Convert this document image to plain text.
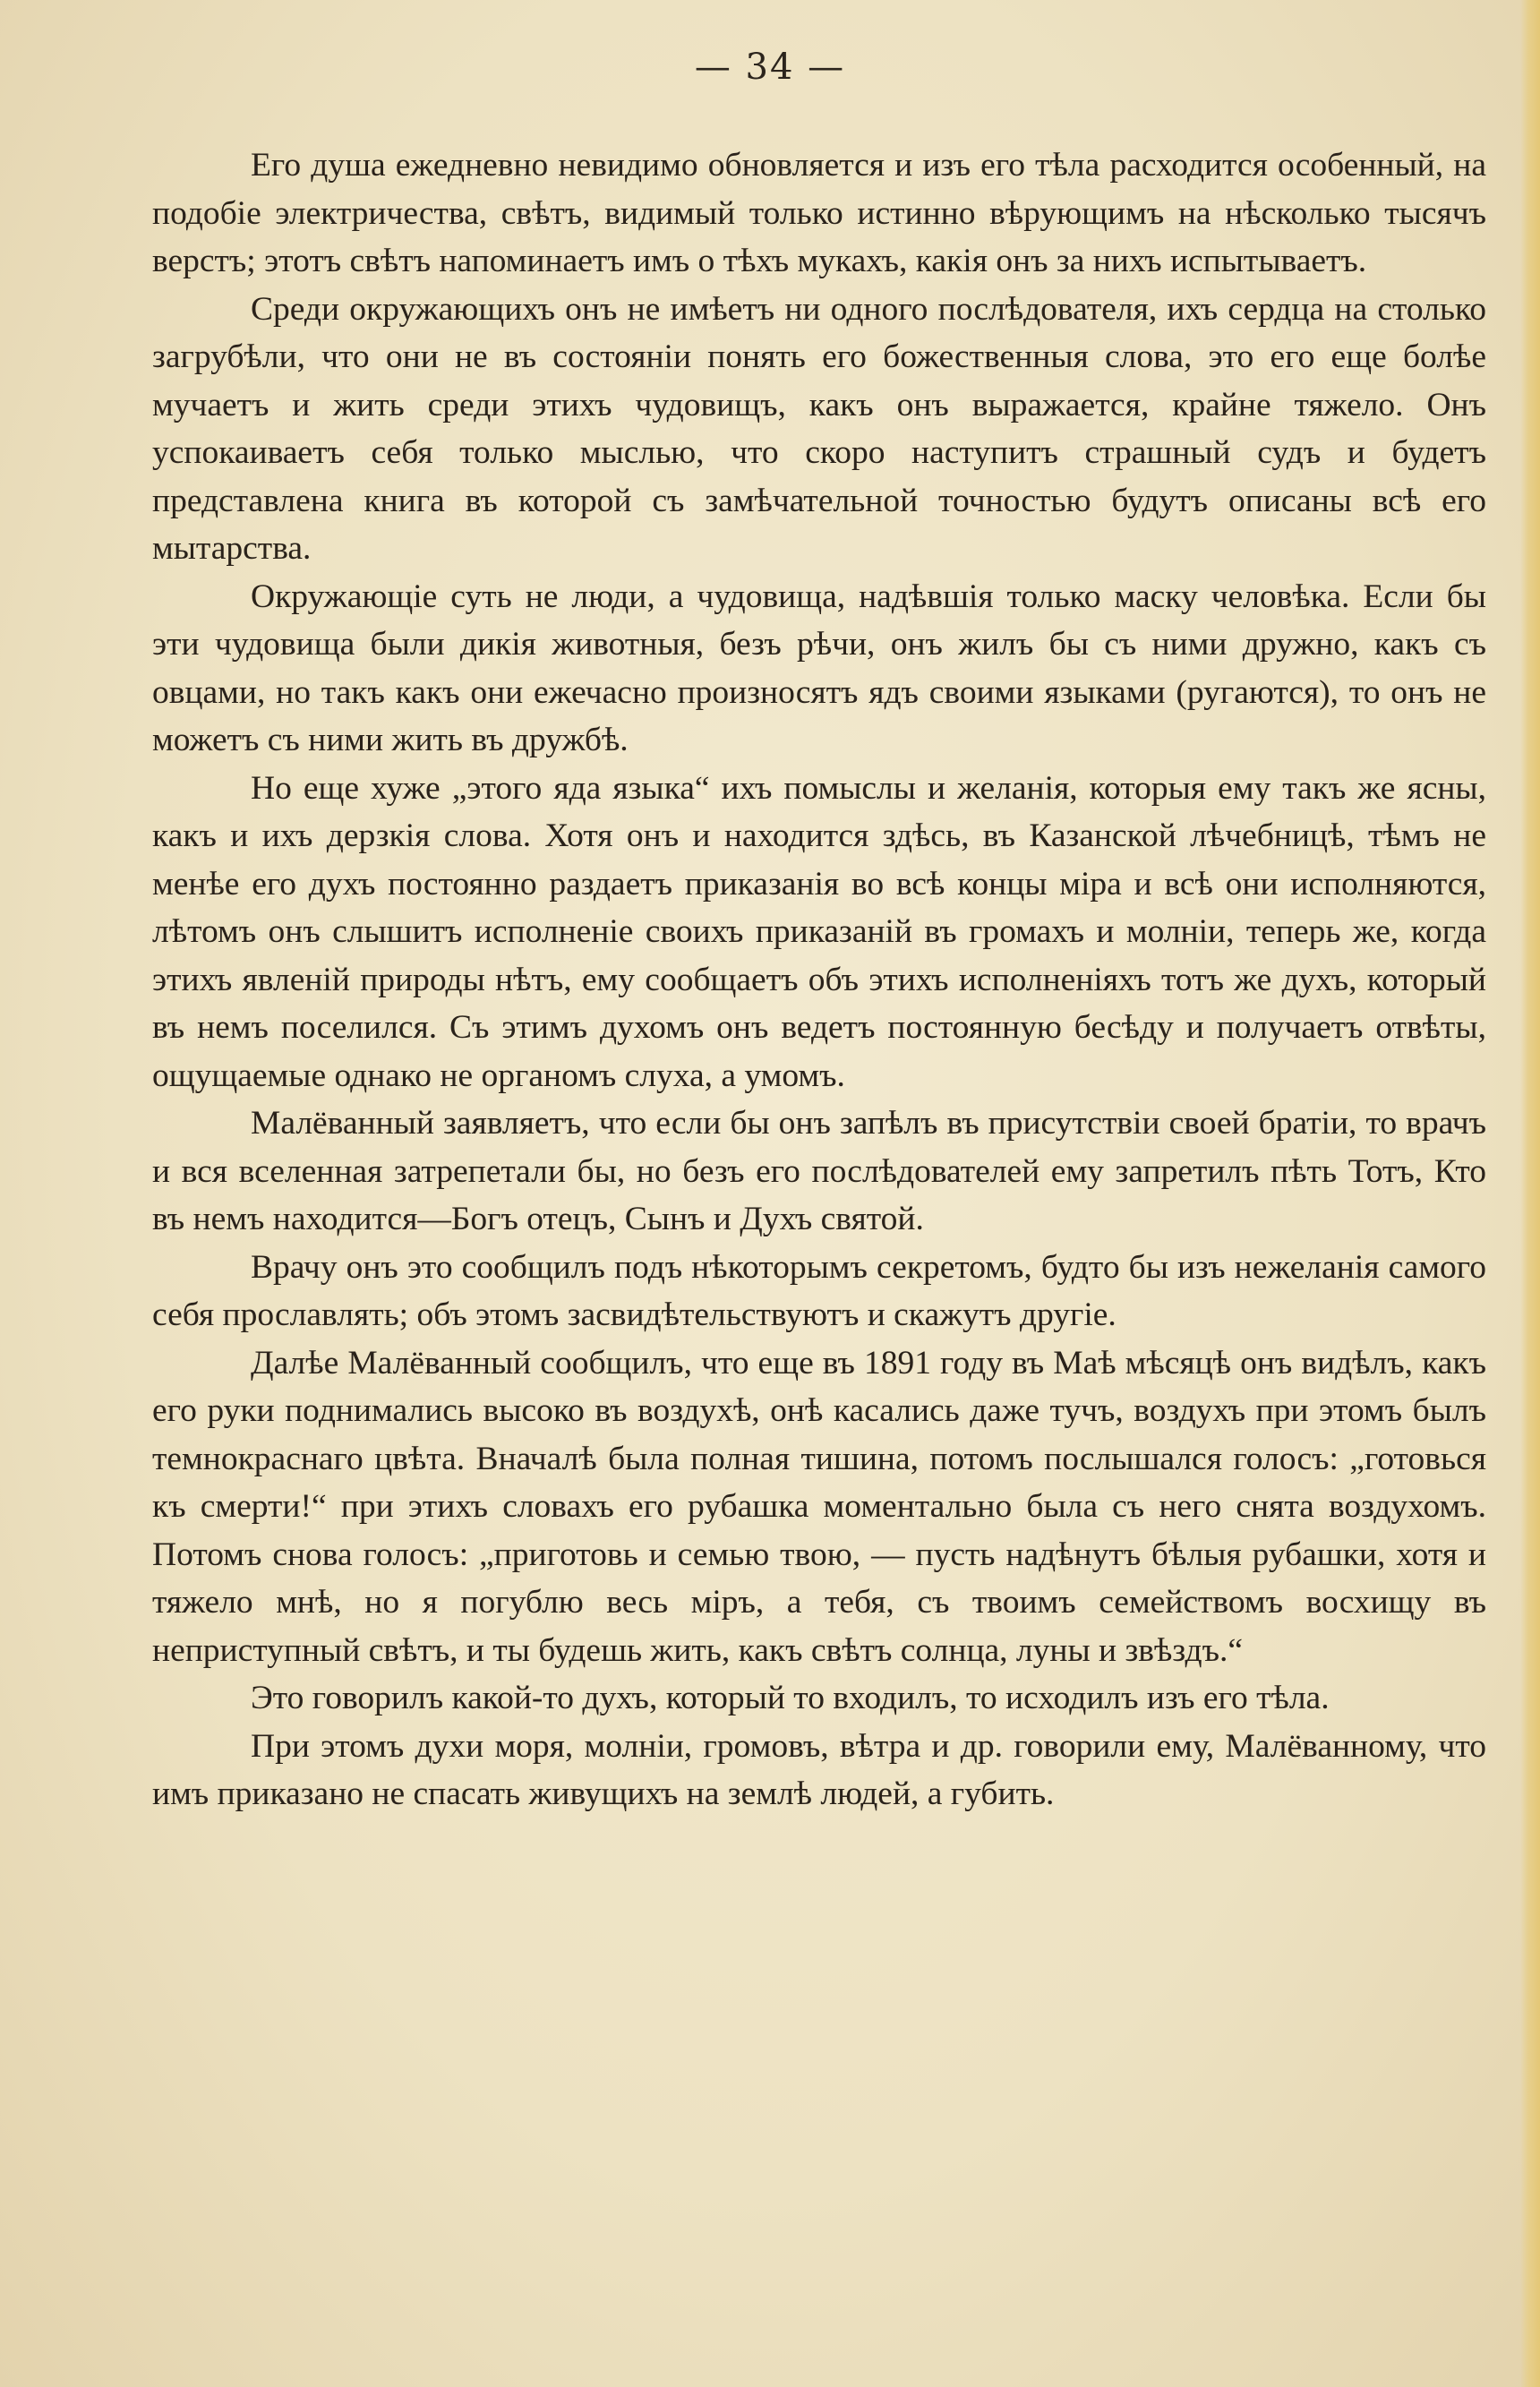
— 34 —

Его душа ежедневно невидимо обновляется и изъ его тѣла расходится особенный, на подобіе электричества, свѣтъ, видимый только истинно вѣрующимъ на нѣсколько тысячъ верстъ; этотъ свѣтъ напоминаетъ имъ о тѣхъ мукахъ, какія онъ за нихъ испытываетъ.

Среди окружающихъ онъ не имѣетъ ни одного послѣдователя, ихъ сердца на столько загрубѣли, что они не въ состояніи понять его божественныя слова, это его еще болѣе мучаетъ и жить среди этихъ чудовищъ, какъ онъ выражается, крайне тяжело. Онъ успокаиваетъ себя только мыслью, что скоро наступитъ страшный судъ и будетъ представлена книга въ которой съ замѣчательной точностью будутъ описаны всѣ его мытарства.

Окружающіе суть не люди, а чудовища, надѣвшія только маску человѣка. Если бы эти чудовища были дикія животныя, безъ рѣчи, онъ жилъ бы съ ними дружно, какъ съ овцами, но такъ какъ они ежечасно произносятъ ядъ своими языками (ругаются), то онъ не можетъ съ ними жить въ дружбѣ.

Но еще хуже „этого яда языка“ ихъ помыслы и желанія, которыя ему такъ же ясны, какъ и ихъ дерзкія слова. Хотя онъ и находится здѣсь, въ Казанской лѣчебницѣ, тѣмъ не менѣе его духъ постоянно раздаетъ приказанія во всѣ концы міра и всѣ они исполняются, лѣтомъ онъ слышитъ исполненіе своихъ приказаній въ громахъ и молніи, теперь же, когда этихъ явленій природы нѣтъ, ему сообщаетъ объ этихъ исполненіяхъ тотъ же духъ, который въ немъ поселился. Съ этимъ духомъ онъ ведетъ постоянную бесѣду и получаетъ отвѣты, ощущаемые однако не органомъ слуха, а умомъ.

Малёванный заявляетъ, что если бы онъ запѣлъ въ присутствіи своей братіи, то врачъ и вся вселенная затрепетали бы, но безъ его послѣдователей ему запретилъ пѣть Тотъ, Кто въ немъ находится—Богъ отецъ, Сынъ и Духъ святой.

Врачу онъ это сообщилъ подъ нѣкоторымъ секретомъ, будто бы изъ нежеланія самого себя прославлять; объ этомъ засвидѣтельствуютъ и скажутъ другіе.

Далѣе Малёванный сообщилъ, что еще въ 1891 году въ Маѣ мѣсяцѣ онъ видѣлъ, какъ его руки поднимались высоко въ воздухѣ, онѣ касались даже тучъ, воздухъ при этомъ былъ темнокраснаго цвѣта. Вначалѣ была полная тишина, потомъ послышался голосъ: „готовься къ смерти!“ при этихъ словахъ его рубашка моментально была съ него снята воздухомъ. Потомъ снова голосъ: „приготовь и семью твою, — пусть надѣнутъ бѣлыя рубашки, хотя и тяжело мнѣ, но я погублю весь міръ, а тебя, съ твоимъ семействомъ восхищу въ неприступный свѣтъ, и ты будешь жить, какъ свѣтъ солнца, луны и звѣздъ.“

Это говорилъ какой-то духъ, который то входилъ, то исходилъ изъ его тѣла.

При этомъ духи моря, молніи, громовъ, вѣтра и др. говорили ему, Малёванному, что имъ приказано не спасать живущихъ на землѣ людей, а губить.
